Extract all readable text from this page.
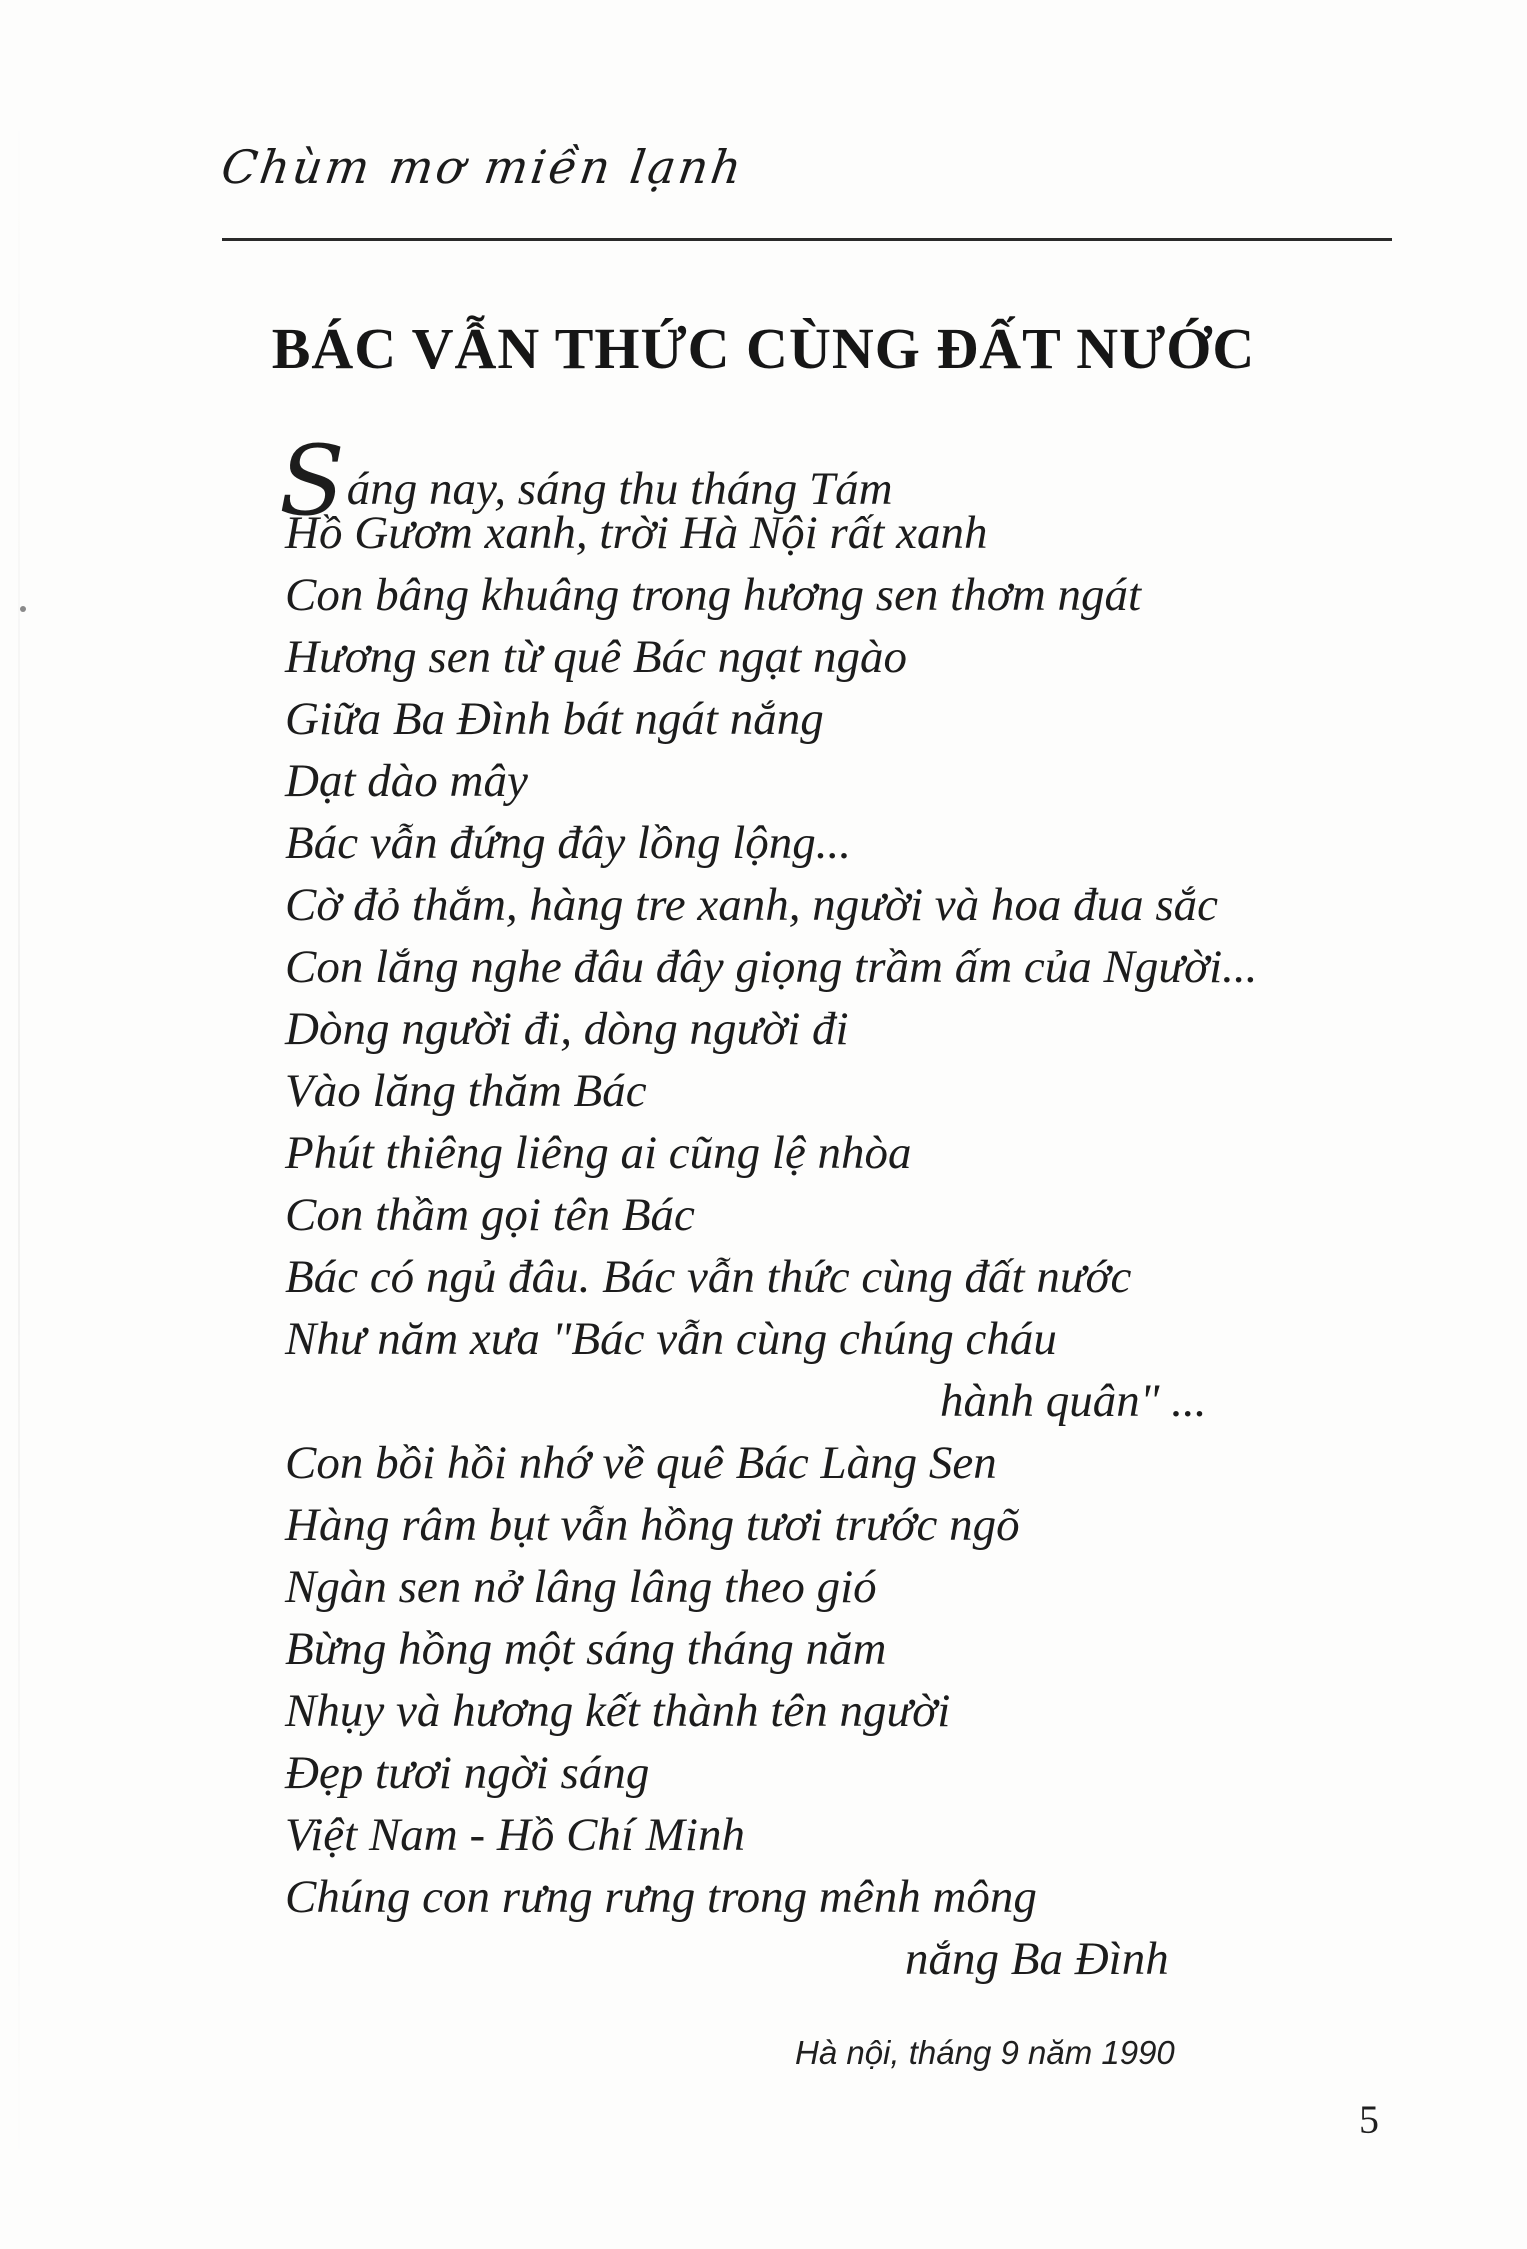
Chùm mơ miền lạnh
BÁC VẪN THỨC CÙNG ĐẤT NƯỚC
Sáng nay, sáng thu tháng Tám
Hồ Gươm xanh, trời Hà Nội rất xanh
Con bâng khuâng trong hương sen thơm ngát
Hương sen từ quê Bác ngạt ngào
Giữa Ba Đình bát ngát nắng
Dạt dào mây
Bác vẫn đứng đây lồng lộng...
Cờ đỏ thắm, hàng tre xanh, người và hoa đua sắc
Con lắng nghe đâu đây giọng trầm ấm của Người...
Dòng người đi, dòng người đi
Vào lăng thăm Bác
Phút thiêng liêng ai cũng lệ nhòa
Con thầm gọi tên Bác
Bác có ngủ đâu. Bác vẫn thức cùng đất nước
Như năm xưa "Bác vẫn cùng chúng cháu
hành quân" ...
Con bồi hồi nhớ về quê Bác Làng Sen
Hàng râm bụt vẫn hồng tươi trước ngõ
Ngàn sen nở lâng lâng theo gió
Bừng hồng một sáng tháng năm
Nhụy và hương kết thành tên người
Đẹp tươi ngời sáng
Việt Nam - Hồ Chí Minh
Chúng con rưng rưng trong mênh mông
nắng Ba Đình
Hà nội, tháng 9 năm 1990
5
